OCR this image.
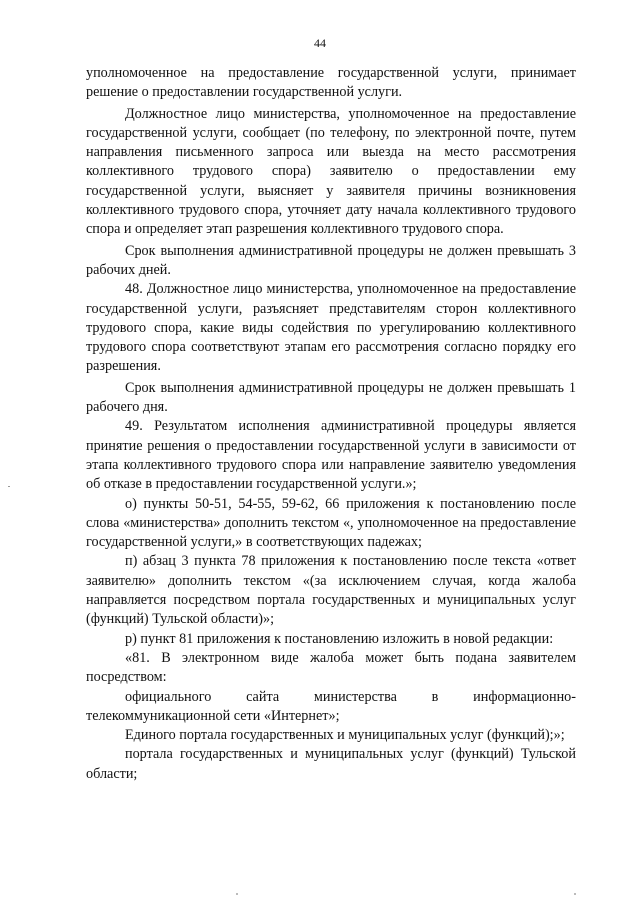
44

уполномоченное на предоставление государственной услуги, принимает решение о предоставлении государственной услуги.

Должностное лицо министерства, уполномоченное на предоставление государственной услуги, сообщает (по телефону, по электронной почте, путем направления письменного запроса или выезда на место рассмотрения коллективного трудового спора) заявителю о предоставлении ему государственной услуги, выясняет у заявителя причины возникновения коллективного трудового спора, уточняет дату начала коллективного трудового спора и определяет этап разрешения коллективного трудового спора.

Срок выполнения административной процедуры не должен превышать 3 рабочих дней.

48. Должностное лицо министерства, уполномоченное на предоставление государственной услуги, разъясняет представителям сторон коллективного трудового спора, какие виды содействия по урегулированию коллективного трудового спора соответствуют этапам его рассмотрения согласно порядку его разрешения.

Срок выполнения административной процедуры не должен превышать 1 рабочего дня.

49. Результатом исполнения административной процедуры является принятие решения о предоставлении государственной услуги в зависимости от этапа коллективного трудового спора или направление заявителю уведомления об отказе в предоставлении государственной услуги.»;

о) пункты 50-51, 54-55, 59-62, 66 приложения к постановлению после слова «министерства» дополнить текстом «, уполномоченное на предоставление государственной услуги,» в соответствующих падежах;

п) абзац 3 пункта 78 приложения к постановлению после текста «ответ заявителю» дополнить текстом «(за исключением случая, когда жалоба направляется посредством портала государственных и муниципальных услуг (функций) Тульской области)»;

р) пункт 81 приложения к постановлению изложить в новой редакции:

«81. В электронном виде жалоба может быть подана заявителем посредством:

официального сайта министерства в информационно-телекоммуникационной сети «Интернет»;

Единого портала государственных и муниципальных услуг (функций);»;

портала государственных и муниципальных услуг (функций) Тульской области;
